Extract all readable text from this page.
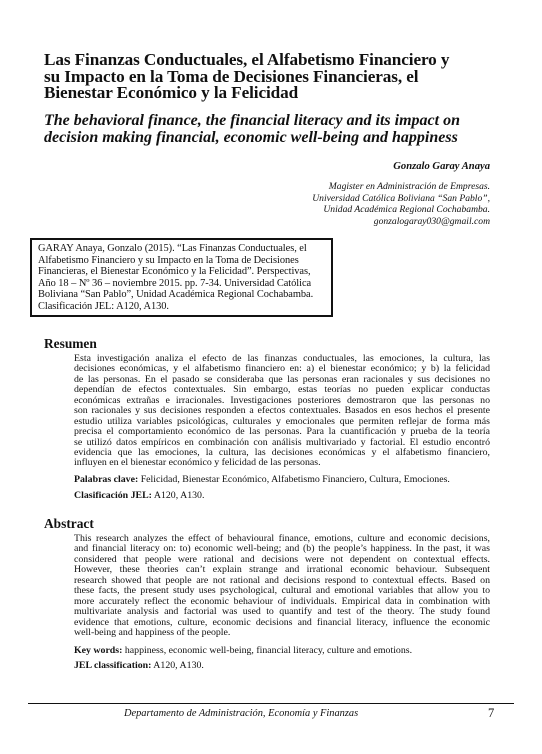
Las Finanzas Conductuales, el Alfabetismo Financiero y
su Impacto en la Toma de Decisiones Financieras, el
Bienestar Económico y la Felicidad
The behavioral finance, the financial literacy and its impact on
decision making financial, economic well-being and happiness
Gonzalo Garay Anaya
Magister en Administración de Empresas.
Universidad Católica Boliviana “San Pablo”,
Unidad Académica Regional Cochabamba.
gonzalogaray030@gmail.com
GARAY Anaya, Gonzalo (2015). “Las Finanzas Conductuales, el
Alfabetismo Financiero y su Impacto en la Toma de Decisiones
Financieras, el Bienestar Económico y la Felicidad”. Perspectivas,
Año 18 – Nº 36 – noviembre 2015. pp. 7-34. Universidad Católica
Boliviana “San Pablo”, Unidad Académica Regional Cochabamba.
Clasificación JEL: A120, A130.
Resumen
Esta investigación analiza el efecto de las finanzas conductuales, las emociones, la cultura, las
decisiones económicas, y el alfabetismo financiero en: a) el bienestar económico; y b) la felicidad
de las personas. En el pasado se consideraba que las personas eran racionales y sus decisiones no
dependían de efectos contextuales. Sin embargo, estas teorías no pueden explicar conductas
económicas extrañas e irracionales. Investigaciones posteriores demostraron que las personas no
son racionales y sus decisiones responden a efectos contextuales. Basados en esos hechos el presente
estudio utiliza variables psicológicas, culturales y emocionales que permiten reflejar de forma más
precisa el comportamiento económico de las personas. Para la cuantificación y prueba de la teoría
se utilizó datos empíricos en combinación con análisis multivariado y factorial. El estudio encontró
evidencia que las emociones, la cultura, las decisiones económicas y el alfabetismo financiero,
influyen en el bienestar económico y felicidad de las personas.
Palabras clave: Felicidad, Bienestar Económico, Alfabetismo Financiero, Cultura, Emociones.
Clasificación JEL: A120, A130.
Abstract
This research analyzes the effect of behavioural finance, emotions, culture and economic decisions,
and financial literacy on: to) economic well-being; and (b) the people’s happiness. In the past, it was
considered that people were rational and decisions were not dependent on contextual effects.
However, these theories can’t explain strange and irrational economic behaviour. Subsequent
research showed that people are not rational and decisions respond to contextual effects. Based on
these facts, the present study uses psychological, cultural and emotional variables that allow you to
more accurately reflect the economic behaviour of individuals. Empirical data in combination with
multivariate analysis and factorial was used to quantify and test of the theory. The study found
evidence that emotions, culture, economic decisions and financial literacy, influence the economic
well-being and happiness of the people.
Key words: happiness, economic well-being, financial literacy, culture and emotions.
JEL classification: A120, A130.
Departamento de Administración, Economía y Finanzas	7
